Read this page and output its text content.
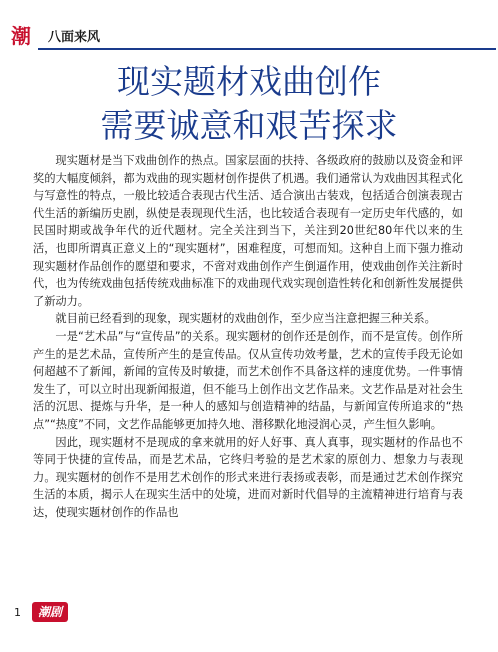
潮 八面来风
现实题材戏曲创作
需要诚意和艰苦探求

现实题材是当下戏曲创作的热点。国家层面的扶持、各级政府的鼓励以及资金和评奖的大幅度倾斜，都为戏曲的现实题材创作提供了机遇。我们通常认为戏曲因其程式化与写意性的特点，一般比较适合表现古代生活、适合演出古装戏，包括适合创演表现古代生活的新编历史剧，纵使是表现现代生活，也比较适合表现有一定历史年代感的，如民国时期或战争年代的近代题材。完全关注到当下，关注到20世纪80年代以来的生活，也即所谓真正意义上的“现实题材”，困难程度，可想而知。这种自上而下强力推动现实题材作品创作的愿望和要求，不啻对戏曲创作产生倒逼作用，使戏曲创作关注新时代，也为传统戏曲包括传统戏曲标准下的戏曲现代戏实现创造性转化和创新性发展提供了新动力。

就目前已经看到的现象，现实题材的戏曲创作，至少应当注意把握三种关系。

一是“艺术品”与“宣传品”的关系。现实题材的创作还是创作，而不是宣传。创作所产生的是艺术品，宣传所产生的是宣传品。仅从宣传功效考量，艺术的宣传手段无论如何超越不了新闻，新闻的宣传及时敏捷，而艺术创作不具备这样的速度优势。一件事情发生了，可以立时出现新闻报道，但不能马上创作出文艺作品来。文艺作品是对社会生活的沉思、提炼与升华，是一种人的感知与创造精神的结晶，与新闻宣传所追求的“热点”“热度”不同，文艺作品能够更加持久地、潜移默化地浸润心灵，产生恒久影响。

因此，现实题材不是现成的拿来就用的好人好事、真人真事，现实题材的作品也不等同于快捷的宣传品，而是艺术品，它终归考验的是艺术家的原创力、想象力与表现力。现实题材的创作不是用艺术创作的形式来进行表扬或表彰，而是通过艺术创作探究生活的本质，揭示人在现实生活中的处境，进而对新时代倡导的主流精神进行培育与表达，使现实题材创作的作品也

1	潮剧
